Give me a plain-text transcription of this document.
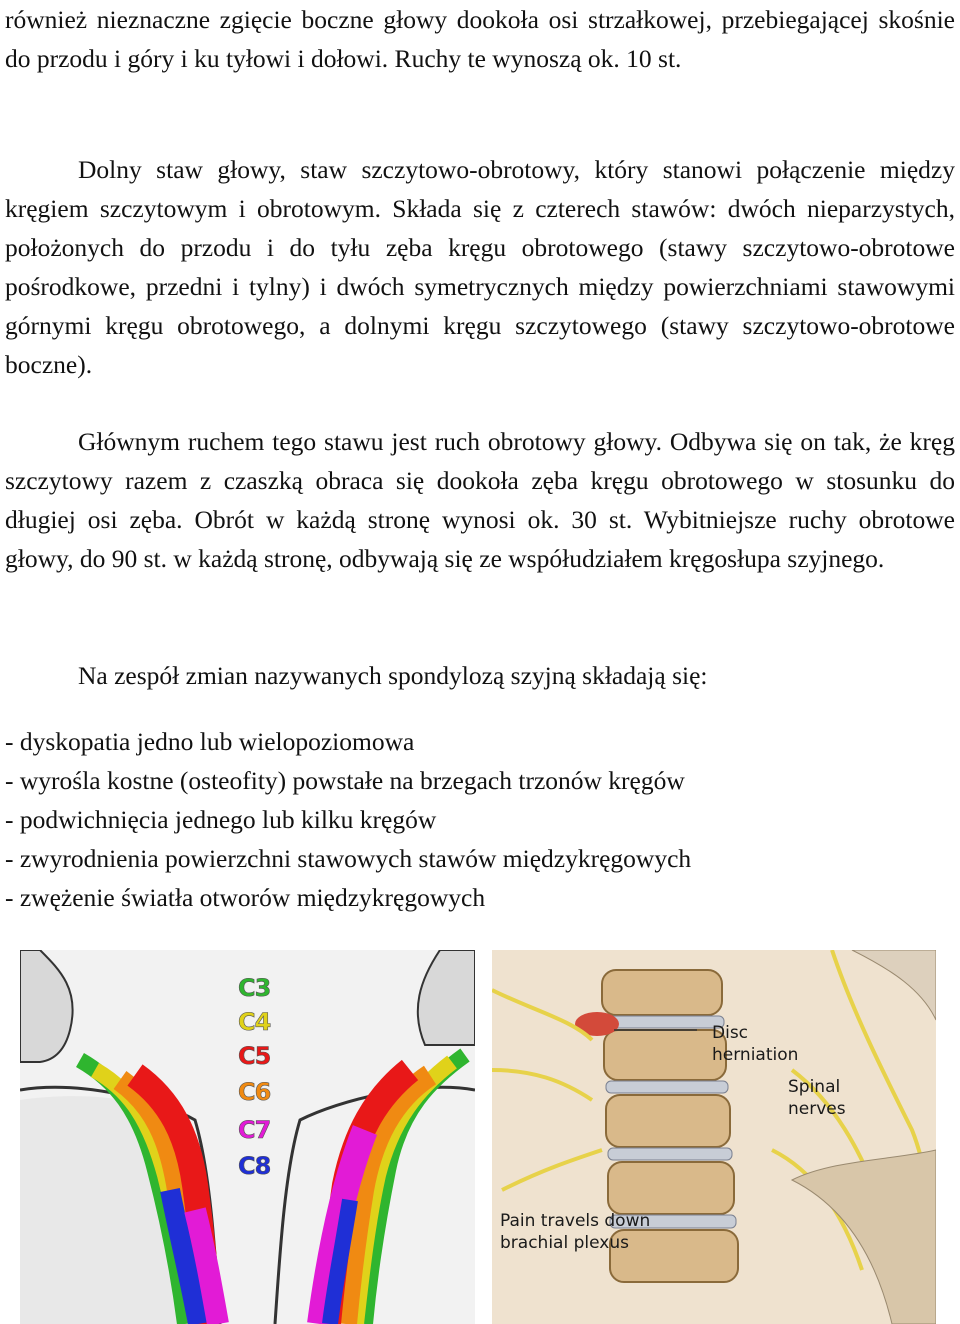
również nieznaczne zgięcie boczne głowy dookoła osi strzałkowej, przebiegającej skośnie do przodu i góry i ku tyłowi i dołowi. Ruchy te wynoszą ok. 10 st.

Dolny staw głowy, staw szczytowo-obrotowy, który stanowi połączenie między kręgiem szczytowym i obrotowym. Składa się z czterech stawów: dwóch nieparzystych, położonych do przodu i do tyłu zęba kręgu obrotowego (stawy szczytowo-obrotowe pośrodkowe, przedni i tylny) i dwóch symetrycznych między powierzchniami stawowymi górnymi kręgu obrotowego, a dolnymi kręgu szczytowego (stawy szczytowo-obrotowe boczne).

Głównym ruchem tego stawu jest ruch obrotowy głowy. Odbywa się on tak, że kręg szczytowy razem z czaszką obraca się dookoła zęba kręgu obrotowego w stosunku do długiej osi zęba. Obrót w każdą stronę wynosi ok. 30 st. Wybitniejsze ruchy obrotowe głowy, do 90 st. w każdą stronę, odbywają się ze współudziałem kręgosłupa szyjnego.

Na zespół zmian nazywanych spondylozą szyjną składają się:

- dyskopatia jedno lub wielopoziomowa
- wyrośla kostne (osteofity) powstałe na brzegach trzonów kręgów
- podwichnięcia jednego lub kilku kręgów
- zwyrodnienia powierzchni stawowych stawów międzykręgowych
- zwężenie światła otworów międzykręgowych
C3
C4
C5
C6
C7
C8
Disc
herniation
Spinal
nerves
Pain travels down
brachial plexus
